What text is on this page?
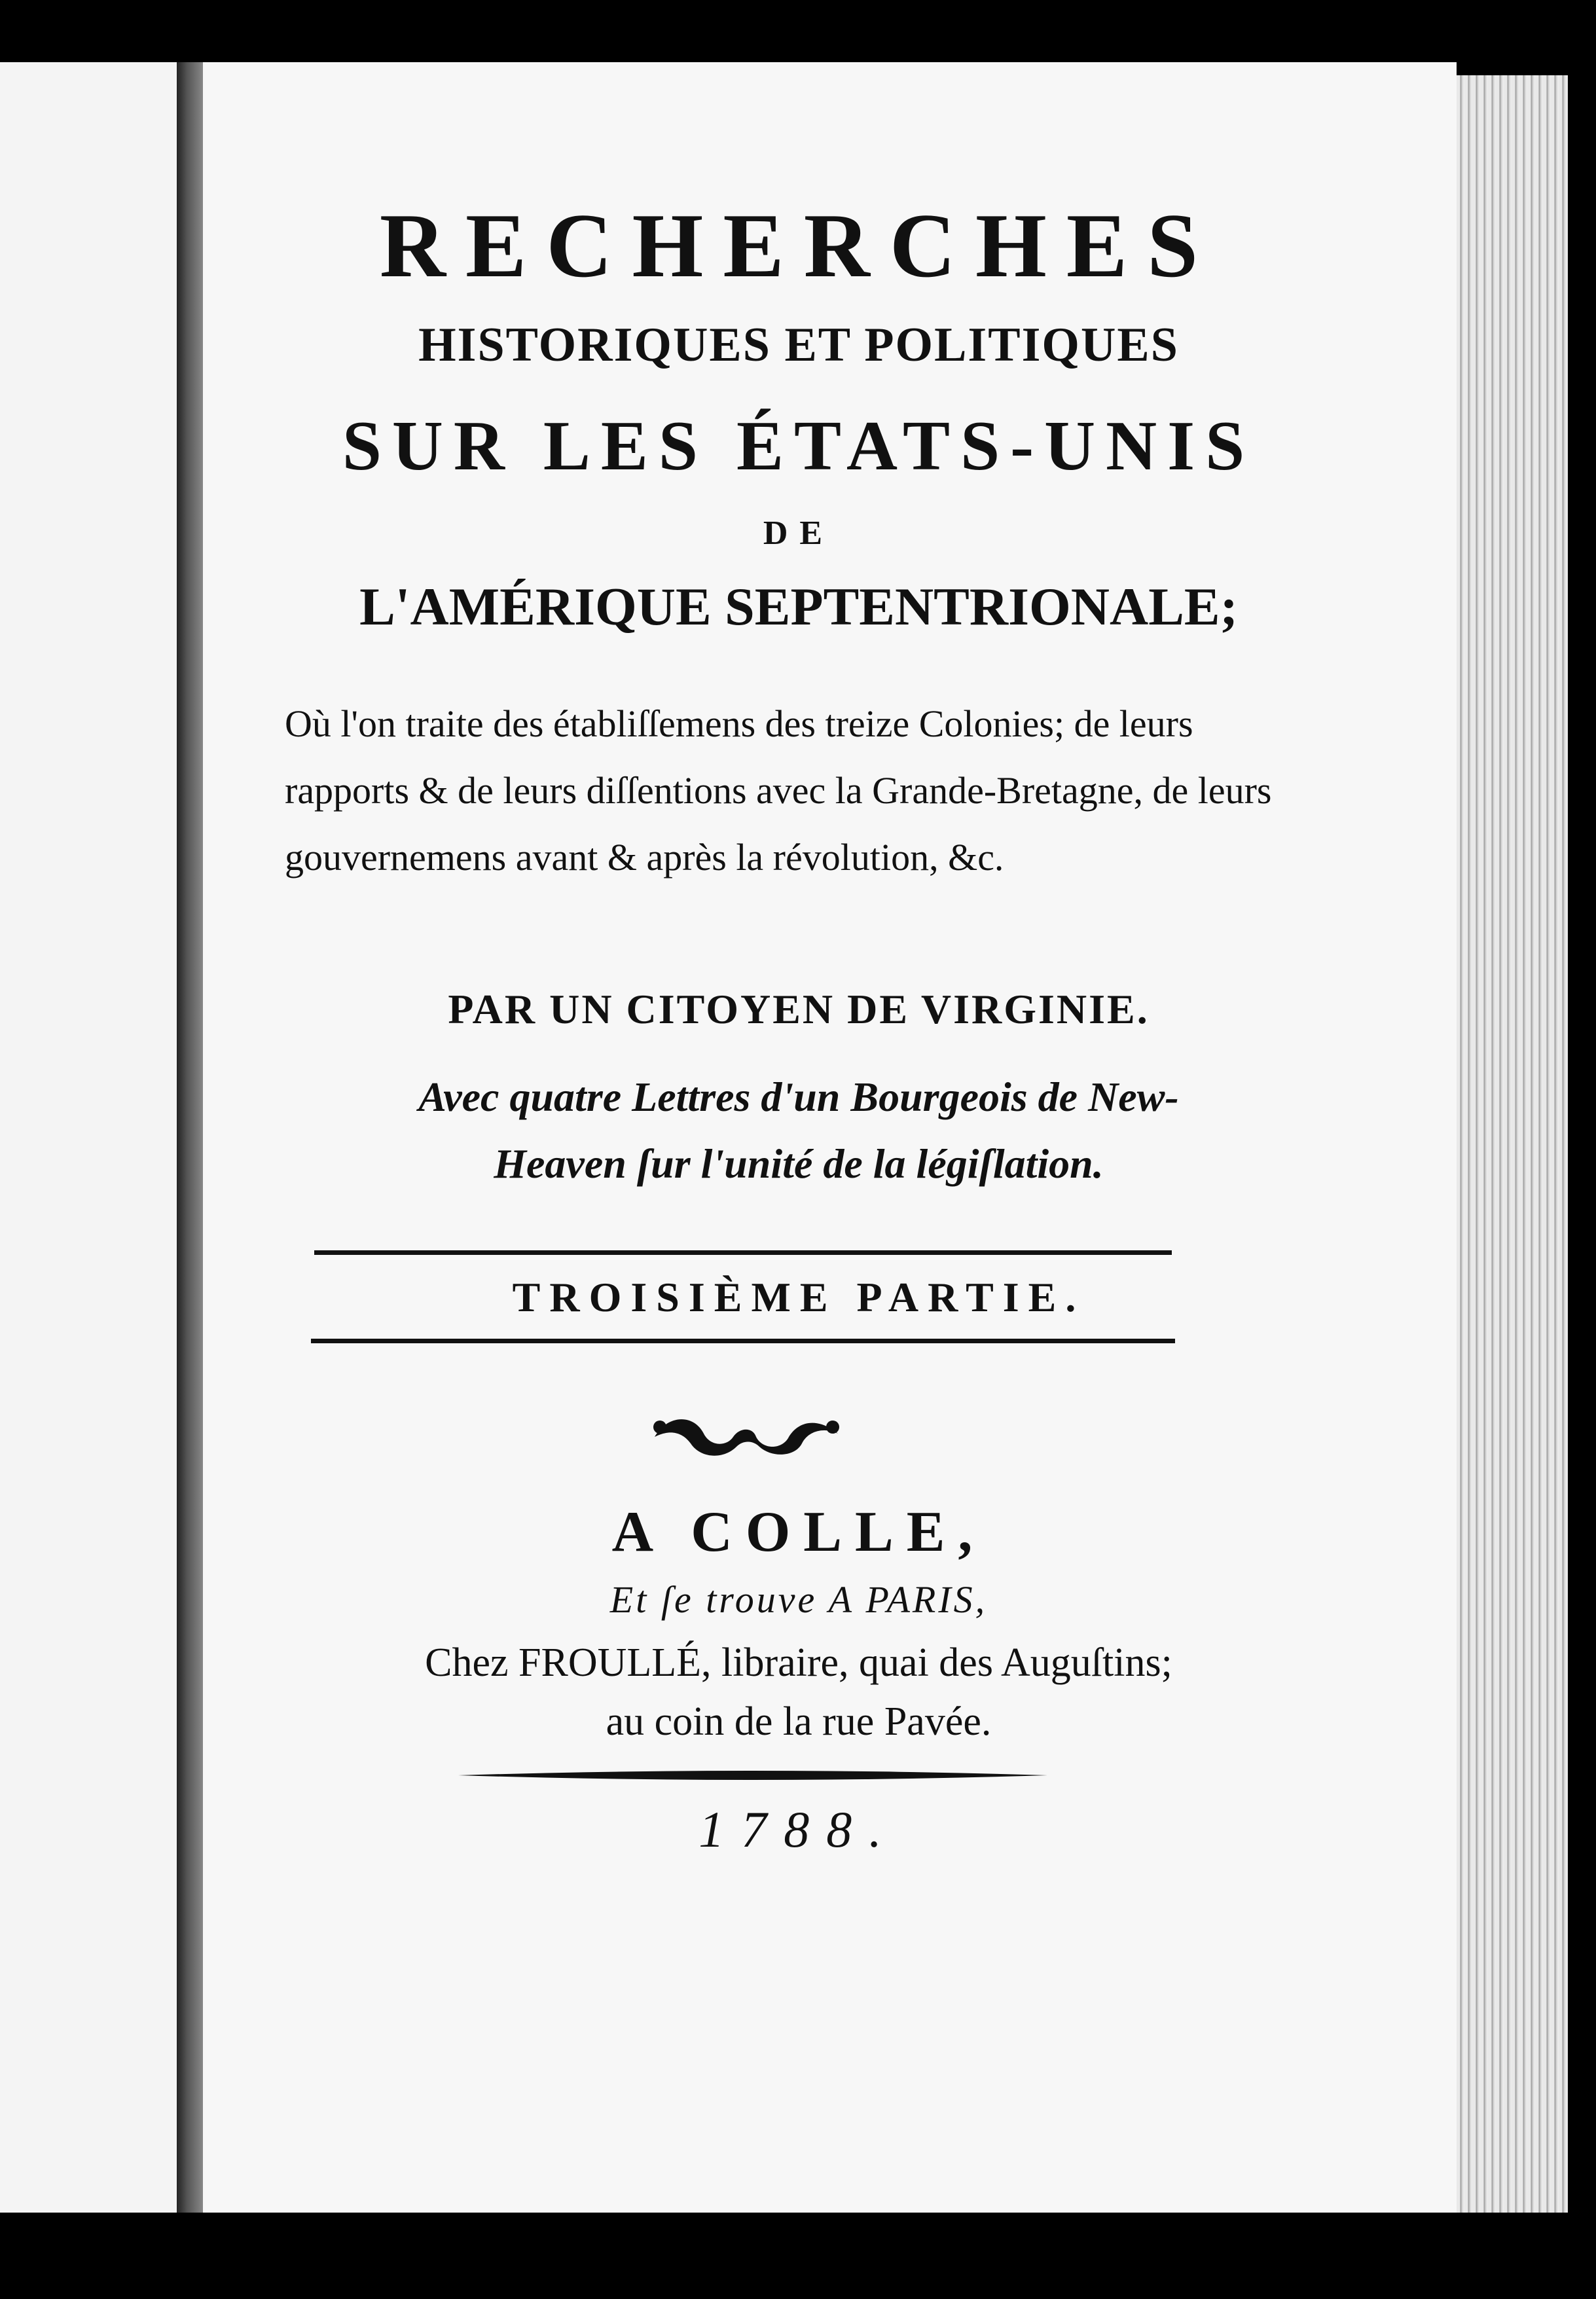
RECHERCHES

HISTORIQUES ET POLITIQUES

SUR LES ÉTATS-UNIS

DE

L'AMÉRIQUE SEPTENTRIONALE;

Où l'on traite des établiſſemens des treize Colonies; de leurs rapports & de leurs diſſentions avec la Grande-Bretagne, de leurs gouvernemens avant & après la révolution, &c.

PAR UN CITOYEN DE VIRGINIE.

Avec quatre Lettres d'un Bourgeois de New-
Heaven ſur l'unité de la légiſlation.

TROISIÈME PARTIE.

A COLLE,

Et ſe trouve A PARIS,

Chez FROULLÉ, libraire, quai des Auguſtins;

au coin de la rue Pavée.

1788.
